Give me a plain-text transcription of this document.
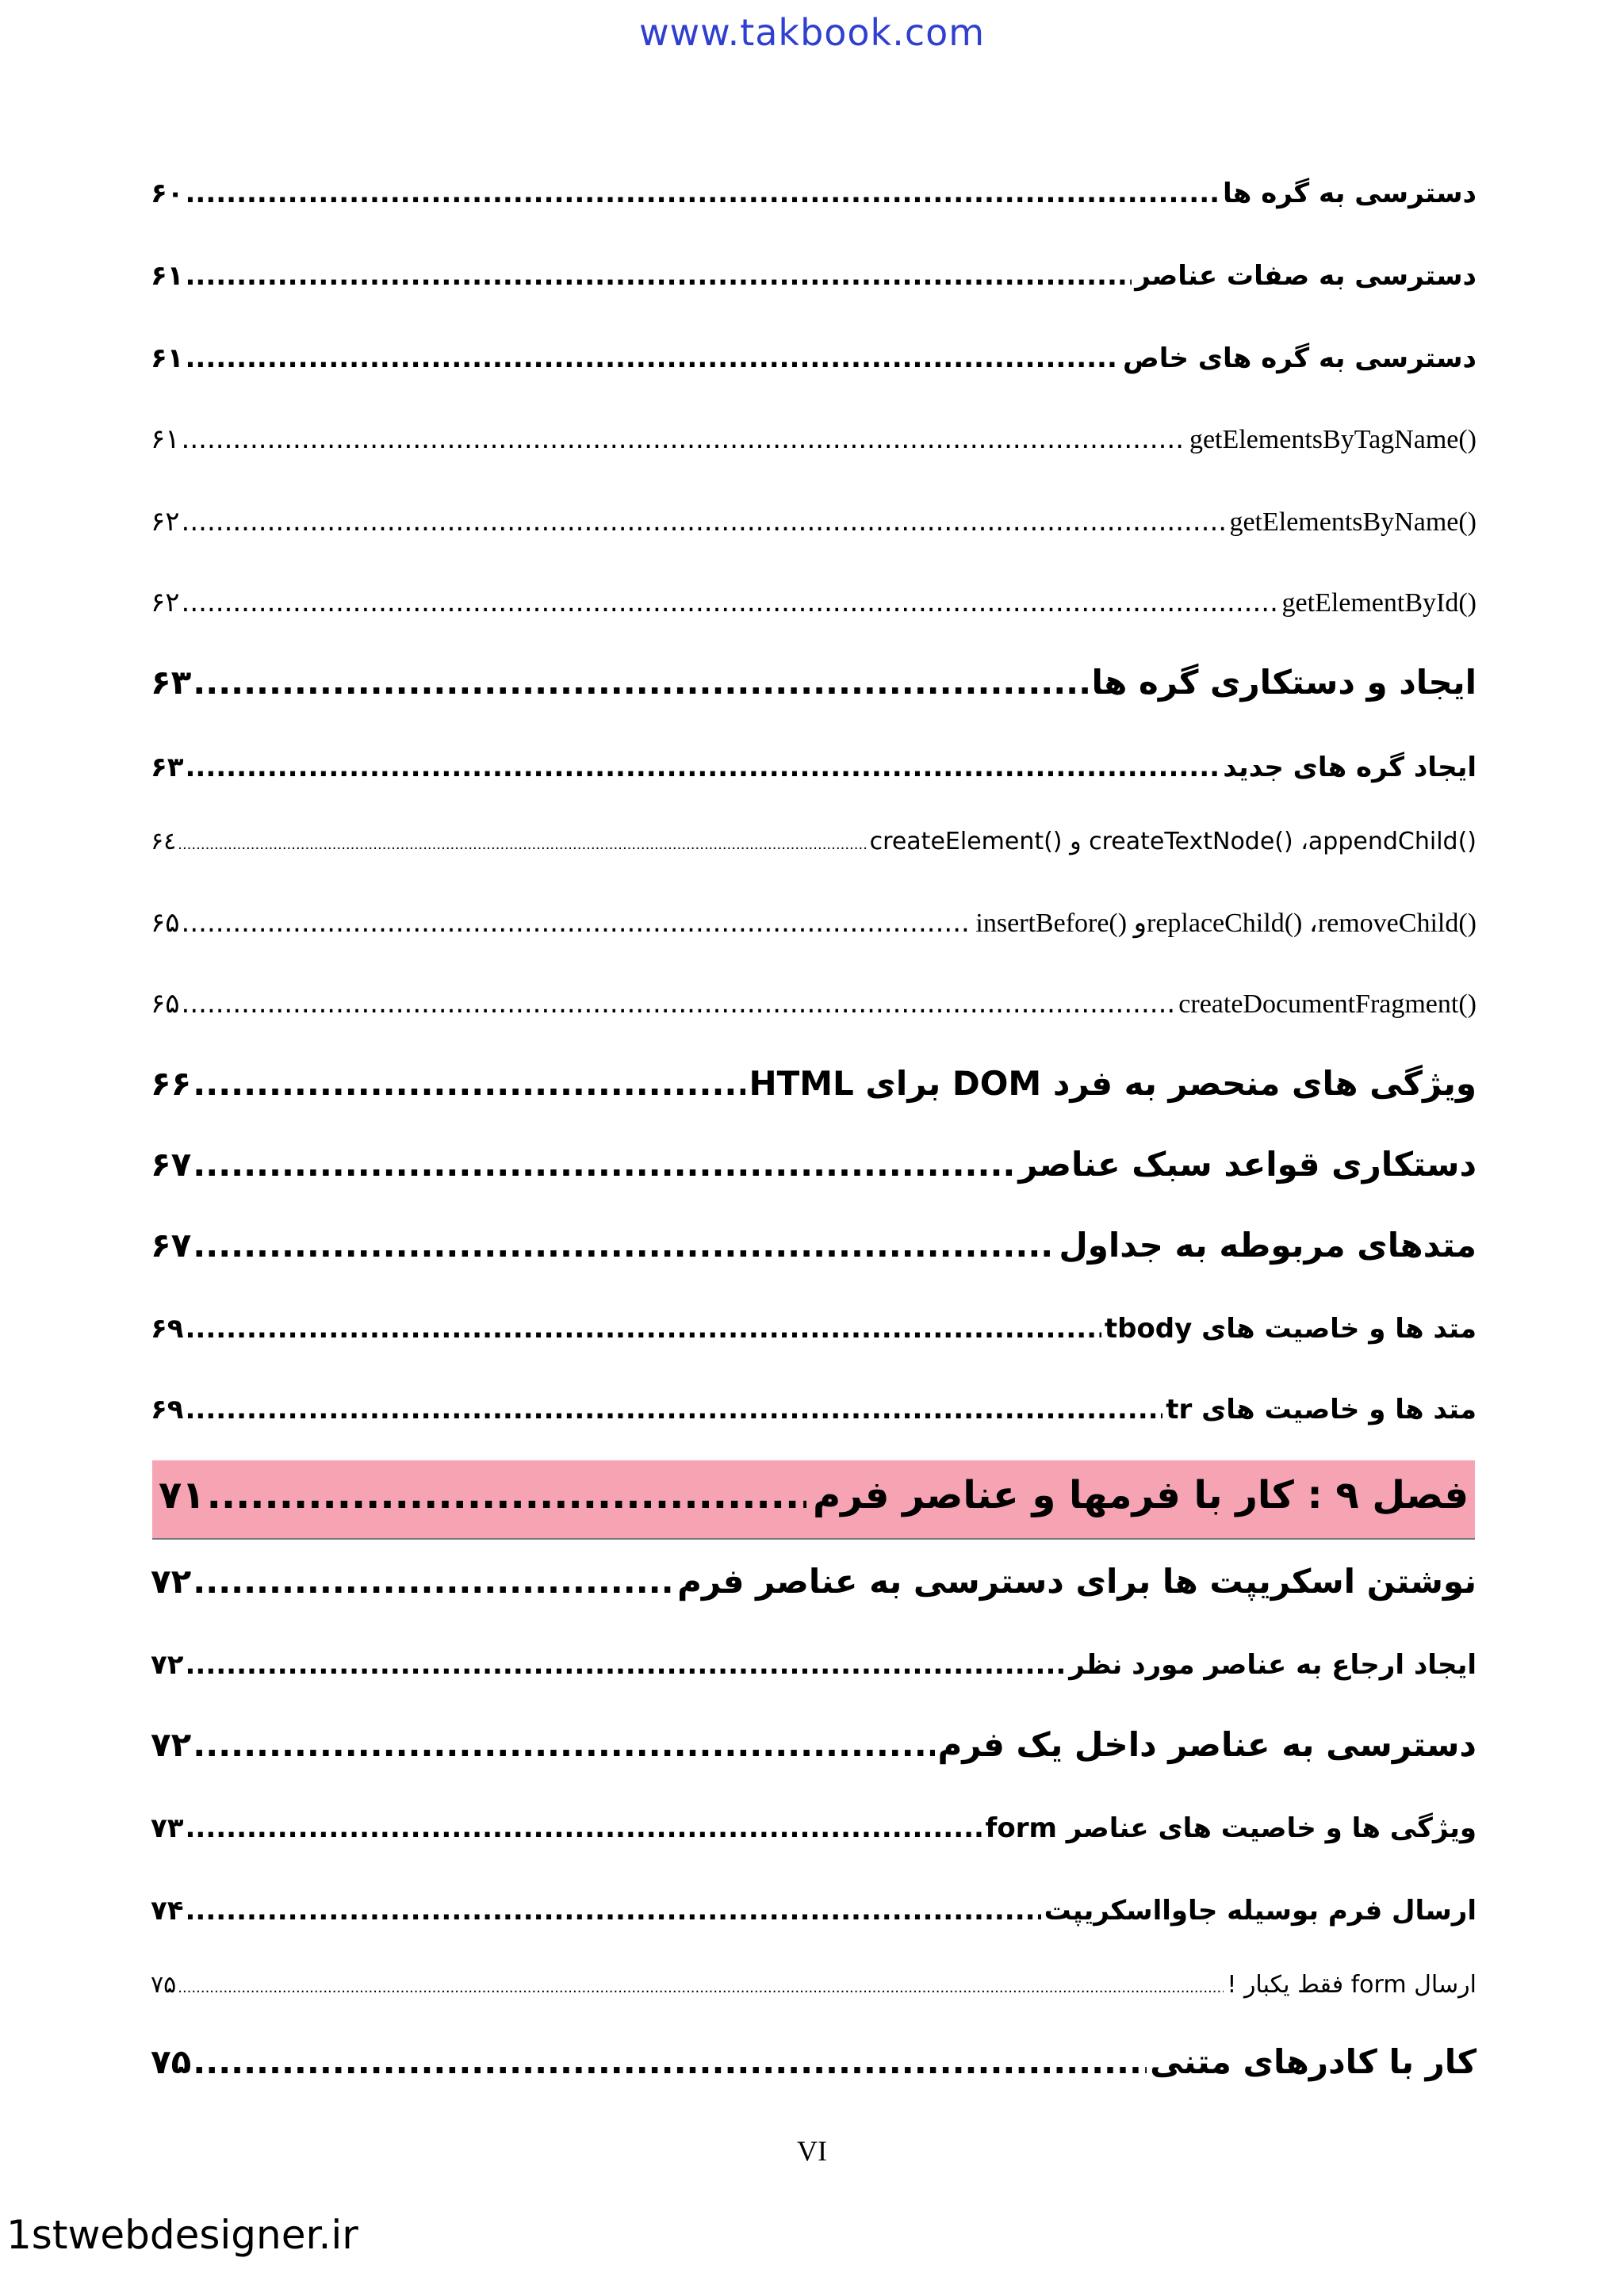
www.takbook.com
دسترسی به گره ها
.....
۶۰
دسترسی به صفات عناصر
.....
۶۱
دسترسی به گره های خاص
.....
۶۱
getElementsByTagName()
.....
۶۱
getElementsByName()
.....
۶۲
getElementById()
.....
۶۲
ایجاد و دستکاری گره ها
.....
۶۳
ایجاد گره های جدید
.....
۶۳
createElement() و createTextNode() ،appendChild()
.....
۶٤
insertBefore() وreplaceChild() ،removeChild()
.....
۶۵
createDocumentFragment()
.....
۶۵
ویژگی های منحصر به فرد DOM برای HTML
.....
۶۶
دستکاری قواعد سبک عناصر
.....
۶۷
متدهای مربوطه به جداول
.....
۶۷
متد ها و خاصیت های tbody
.....
۶۹
متد ها و خاصیت های tr
.....
۶۹
فصل ۹ : کار با فرمها و عناصر فرم
.....
۷۱
نوشتن اسکریپت ها برای دسترسی به عناصر فرم
.....
۷۲
ایجاد ارجاع به عناصر مورد نظر
.....
۷۲
دسترسی به عناصر داخل یک فرم
.....
۷۲
ویژگی ها و خاصیت های عناصر form
.....
۷۳
ارسال فرم بوسیله جاوااسکریپت
.....
۷۴
ارسال form فقط یکبار !
.....
۷۵
کار با کادرهای متنی
.....
۷۵
VI
1stwebdesigner.ir
